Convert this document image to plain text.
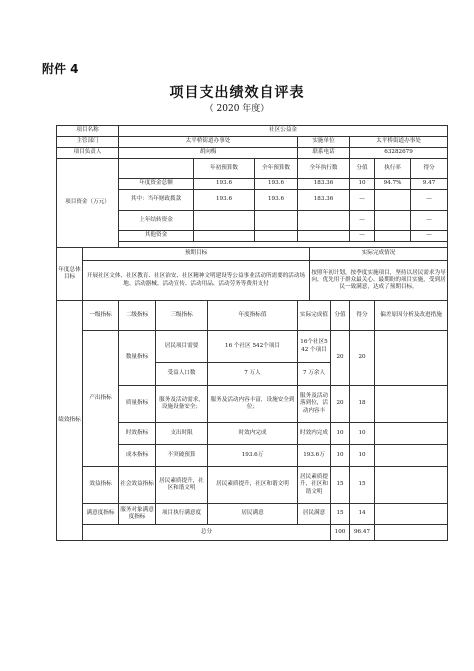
附件 4
项目支出绩效自评表
（ 2020 年度）
项目名称		社区公益金										
主管部门		太平桥街道办事处					实施单位			太平桥街道办事处		
项目负责人		胡向梅					联系电话			63282679		
项目资金（万元）				年初预算数		全年预算数	全年执行数			分值	执行率	得分
		年度资金总额		193.6		193.6	183.36			10	94.7%	9.47
		其中：当年财政拨款		193.6		193.6	183.36			—		—
		上年结转资金								—		—
		其他资金								—		—

年度总体目标	预期目标							实际完成情况				
	开展社区文体、社区教育、社区治安、社区精神文明建设等公益事业活动所需要的活动场地、活动器械、活动宣传、活动用品、活动劳务等费用支付							按照年初计划，按季度实施项目，坚持以居民需求为导向，优先用于群众最关心、最期盼的项目实施，受到居民一致满意，达成了预期目标。				
绩效指标	一级指标	二级指标	三级指标		年度指标值		实际完成值		分值	得分	偏差原因分析及改进措施	
	产出指标	数量指标	居民项目需要		16 个社区 542个项目		16个社区542 个项目		20	20		
			受益人口数		7 万人		7 万余人					
		质量指标	服务及活动需求，设施设备安全；		服务及活动内容丰富，设施安全到位；		服务及活动落到位，活动内容丰		20	18		
		时效指标	支出时限		时效内完成		时效内完成		10	10		
		成本指标	不突破预算		193.6万		193.6万		10	10		
	效益指标	社会效益指标	居民素质提升，社区和谐文明		居民素质提升，社区和谐文明		居民素质提升，社区和谐文明		15	15		
	满意度指标	服务对象满意度指标	项目执行满意度		居民满意		居民满意		15	14		
	总分								100	96.47		
